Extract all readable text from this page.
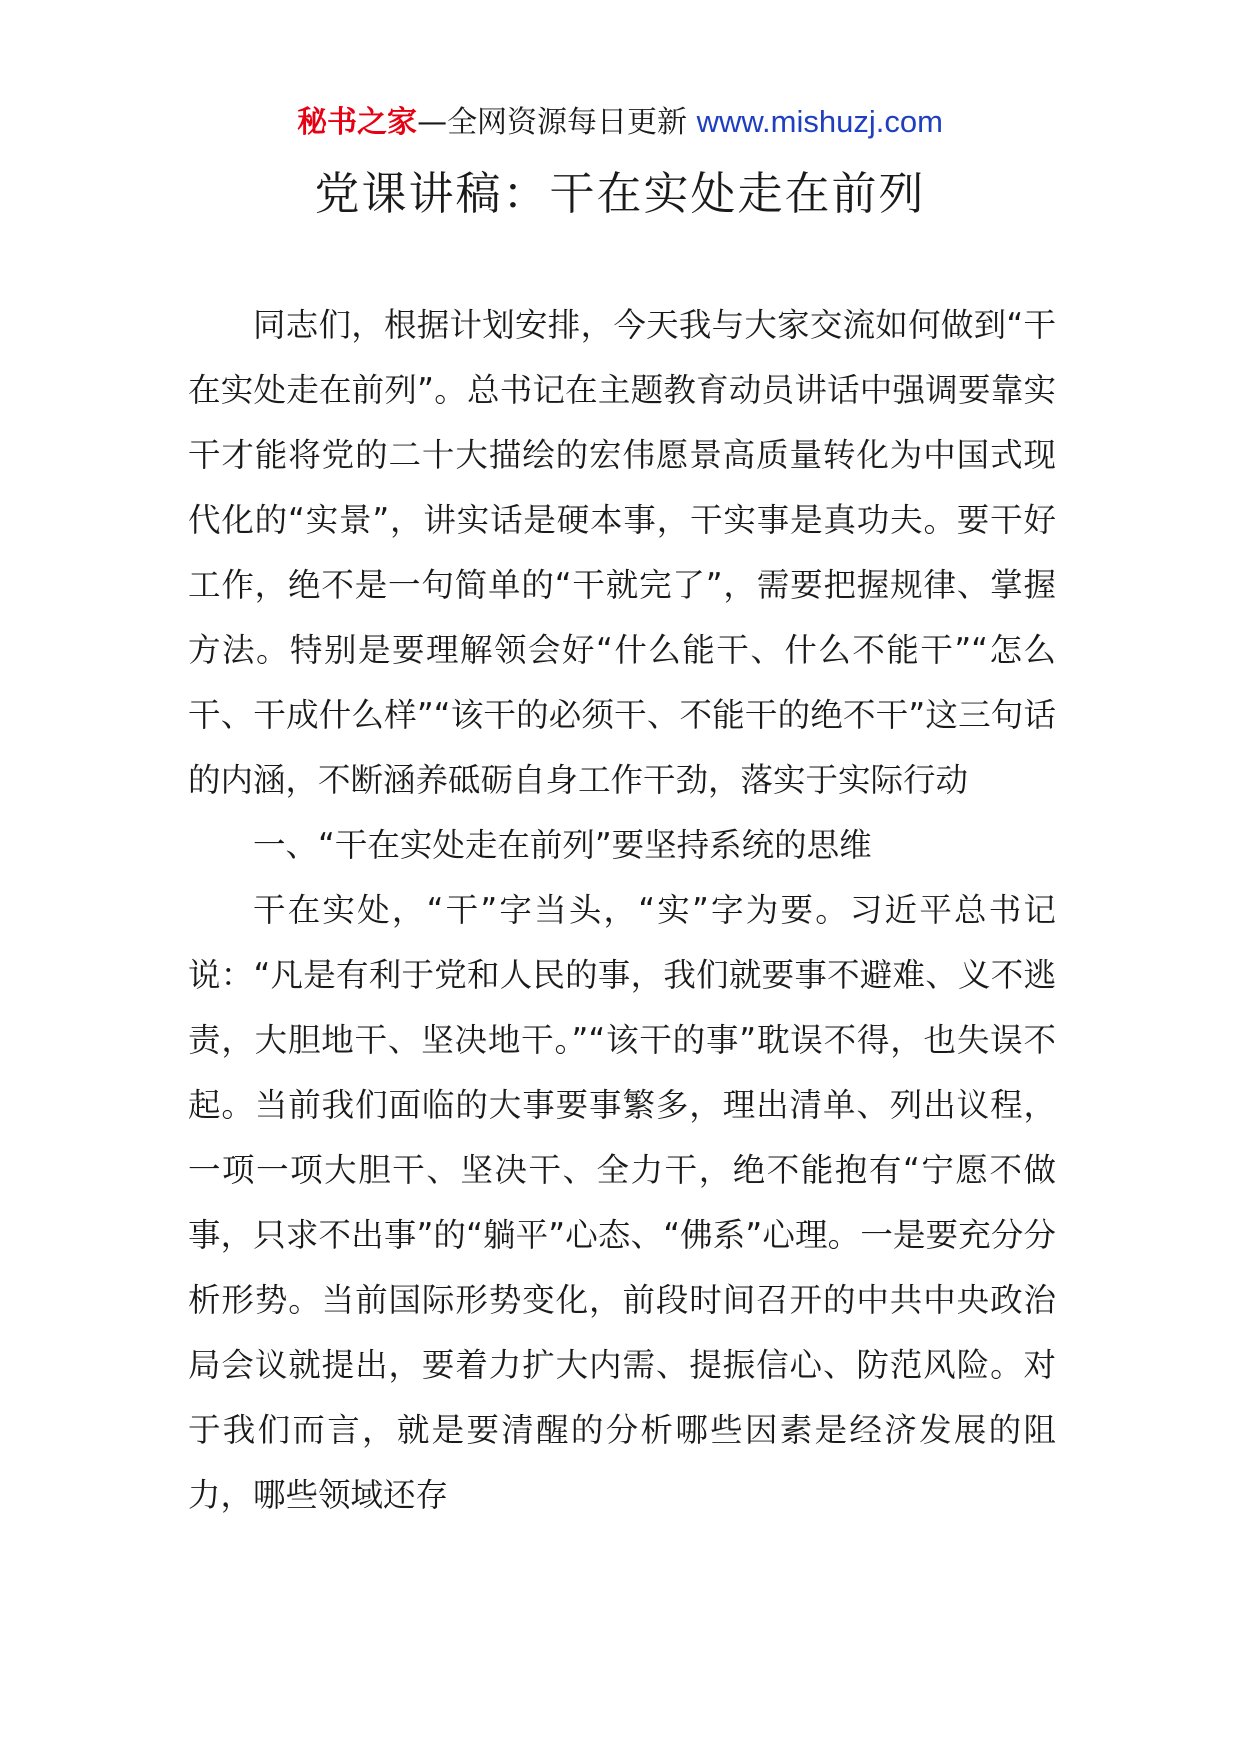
秘书之家—全网资源每日更新 www.mishuzj.com
党课讲稿：干在实处走在前列

同志们，根据计划安排，今天我与大家交流如何做到“干在实处走在前列”。总书记在主题教育动员讲话中强调要靠实干才能将党的二十大描绘的宏伟愿景高质量转化为中国式现代化的“实景”，讲实话是硬本事，干实事是真功夫。要干好工作，绝不是一句简单的“干就完了”，需要把握规律、掌握方法。特别是要理解领会好“什么能干、什么不能干”“怎么干、干成什么样”“该干的必须干、不能干的绝不干”这三句话的内涵，不断涵养砥砺自身工作干劲，落实于实际行动

一、“干在实处走在前列”要坚持系统的思维

干在实处，“干”字当头，“实”字为要。习近平总书记说：“凡是有利于党和人民的事，我们就要事不避难、义不逃责，大胆地干、坚决地干。”“该干的事”耽误不得，也失误不起。当前我们面临的大事要事繁多，理出清单、列出议程，一项一项大胆干、坚决干、全力干，绝不能抱有“宁愿不做事，只求不出事”的“躺平”心态、“佛系”心理。一是要充分分析形势。当前国际形势变化，前段时间召开的中共中央政治局会议就提出，要着力扩大内需、提振信心、防范风险。对于我们而言，就是要清醒的分析哪些因素是经济发展的阻力，哪些领域还存
